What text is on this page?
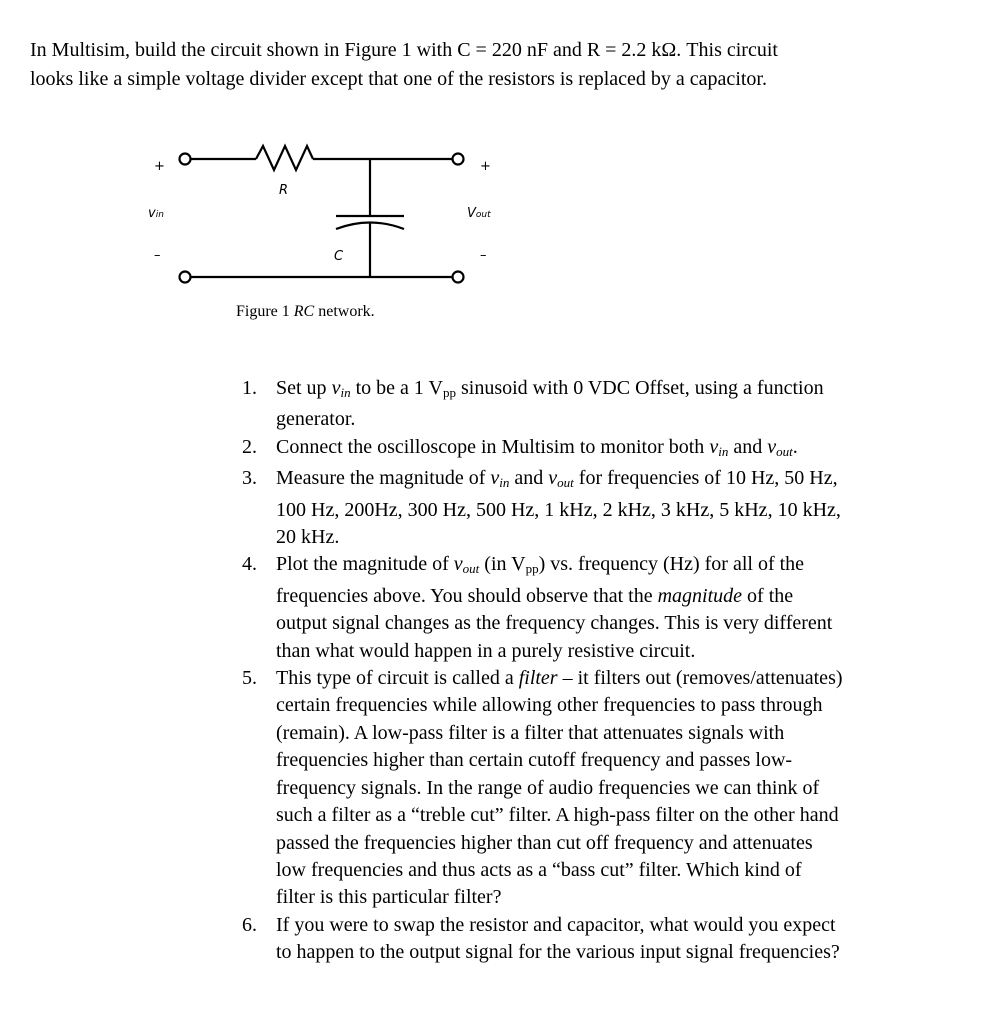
In Multisim, build the circuit shown in Figure 1 with C = 220 nF and R = 2.2 kΩ. This circuit
looks like a simple voltage divider except that one of the resistors is replaced by a capacitor.
+
–
+
–
vin	Vout
R
C
Figure 1 RC network.
1. Set up vin to be a 1 $V_{pp}$ sinusoid with 0 VDC Offset, using a function
generator.
2. Connect the oscilloscope in Multisim to monitor both vin and vout.
3. Measure the magnitude of vin and vout for frequencies of 10 Hz, 50 Hz,
100 Hz, 200Hz, 300 Hz, 500 Hz, 1 kHz, 2 kHz, 3 kHz, 5 kHz, 10 kHz,
20 kHz.
4. Plot the magnitude of vout (in $V_{pp}$) vs. frequency (Hz) for all of the
frequencies above. You should observe that the magnitude of the
output signal changes as the frequency changes. This is very different
than what would happen in a purely resistive circuit.
5. This type of circuit is called a filter – it filters out (removes/attenuates)
certain frequencies while allowing other frequencies to pass through
(remain). A low-pass filter is a filter that attenuates signals with
frequencies higher than certain cutoff frequency and passes low-
frequency signals. In the range of audio frequencies we can think of
such a filter as a “treble cut” filter. A high-pass filter on the other hand
passed the frequencies higher than cut off frequency and attenuates
low frequencies and thus acts as a “bass cut” filter. Which kind of
filter is this particular filter?
6. If you were to swap the resistor and capacitor, what would you expect
to happen to the output signal for the various input signal frequencies?
